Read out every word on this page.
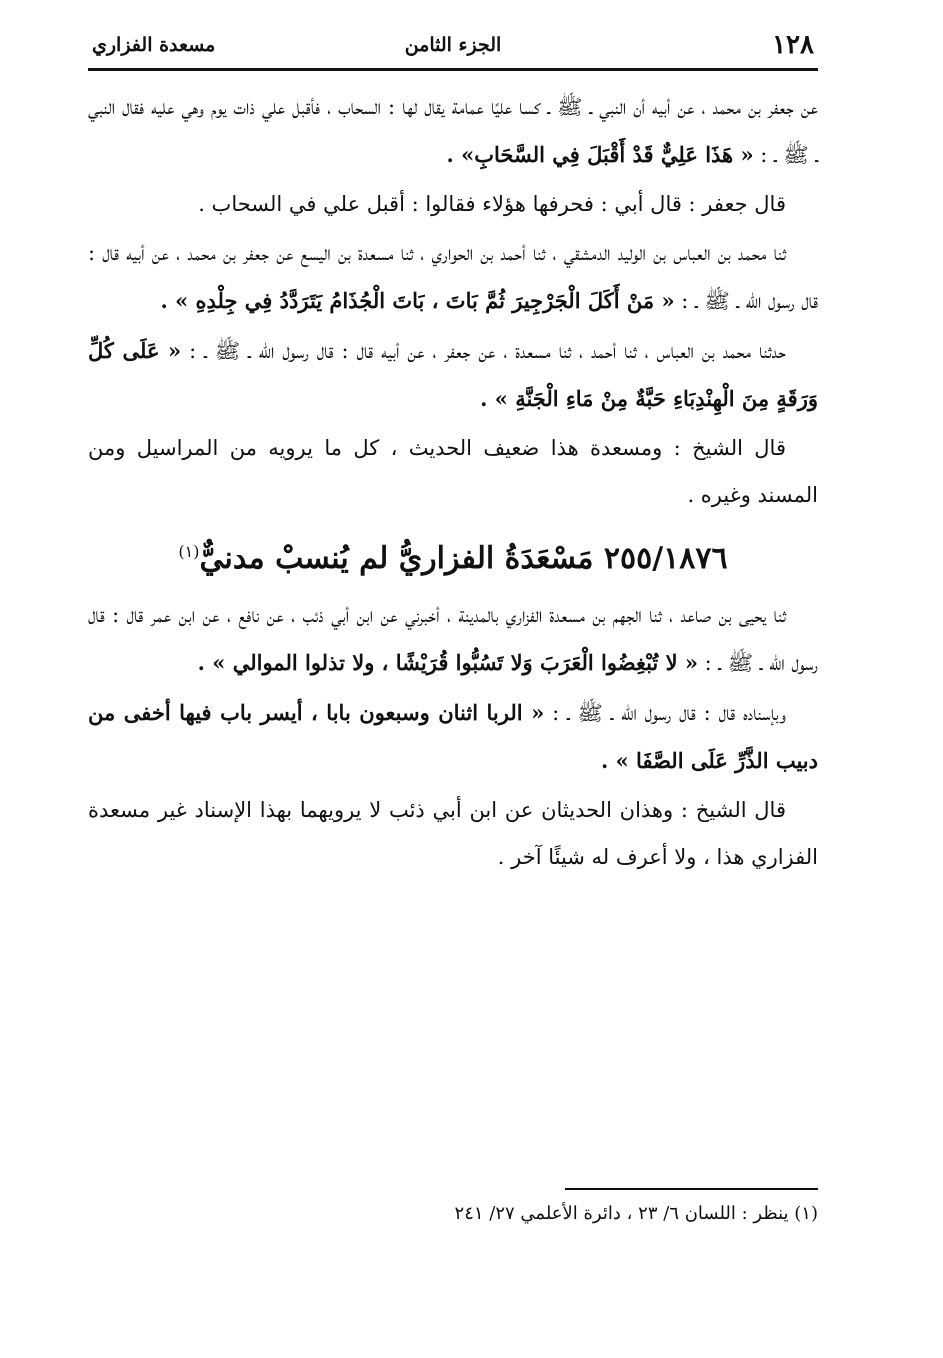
١٢٨
الجزء الثامن
مسعدة الفزاري

عن جعفر بن محمد ، عن أبيه أن النبي ـ ﷺ ـ كسا عليًا عمامة يقال لها : السحاب ، فأقبل علي ذات يوم وهي عليه فقال النبي ـ ﷺ ـ : « هَذَا عَلِيٌّ قَدْ أَقْبَلَ فِي السَّحَابِ» .

قال جعفر : قال أبي : فحرفها هؤلاء فقالوا : أقبل علي في السحاب .

ثنا محمد بن العباس بن الوليد الدمشقي ، ثنا أحمد بن الحواري ، ثنا مسعدة بن اليسع عن جعفر بن محمد ، عن أبيه قال : قال رسول الله ـ ﷺ ـ : « مَنْ أَكَلَ الْجَرْجِيرَ ثُمَّ بَاتَ ، بَاتَ الْجُذَامُ يَتَرَدَّدُ فِي جِلْدِهِ » .

حدثنا محمد بن العباس ، ثنا أحمد ، ثنا مسعدة ، عن جعفر ، عن أبيه قال : قال رسول الله ـ ﷺ ـ : « عَلَى كُلِّ وَرَقَةٍ مِنَ الْهِنْدِبَاءِ حَبَّةٌ مِنْ مَاءِ الْجَنَّةِ » .

قال الشيخ : ومسعدة هذا ضعيف الحديث ، كل ما يرويه من المراسيل ومن المسند وغيره .

٢٥٥/١٨٧٦ مَسْعَدَةُ الفزاريُّ لم يُنسبْ مدنيٌّ$^{(١)}$

ثنا يحيى بن صاعد ، ثنا الجهم بن مسعدة الفزاري بالمدينة ، أخبرني عن ابن أبي ذئب ، عن نافع ، عن ابن عمر قال : قال رسول الله ـ ﷺ ـ : « لا تُبْغِضُوا الْعَرَبَ وَلا تَسُبُّوا قُرَيْشًا ، ولا تذلوا الموالي » .

وبإسناده قال : قال رسول الله ـ ﷺ ـ : « الربا اثنان وسبعون بابا ، أيسر باب فيها أخفى من دبيب الذَّرِّ عَلَى الصَّفَا » .

قال الشيخ : وهذان الحديثان عن ابن أبي ذئب لا يرويهما بهذا الإسناد غير مسعدة الفزاري هذا ، ولا أعرف له شيئًا آخر .

(١) ينظر : اللسان ٦/ ٢٣ ، دائرة الأعلمي ٢٧/ ٢٤١
